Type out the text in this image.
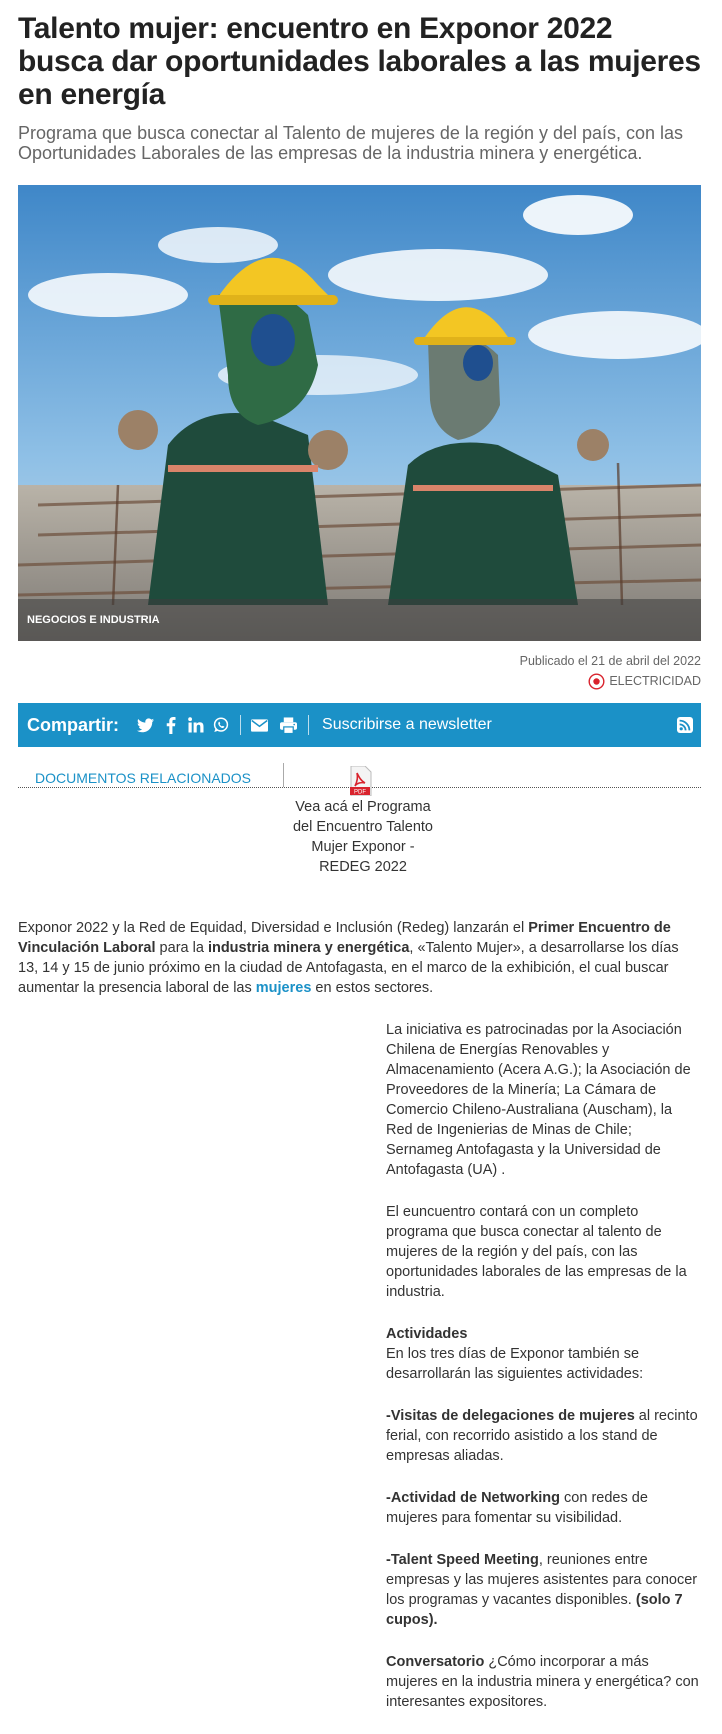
Talento mujer: encuentro en Exponor 2022 busca dar oportunidades laborales a las mujeres en energía

Programa que busca conectar al Talento de mujeres de la región y del país, con las Oportunidades Laborales de las empresas de la industria minera y energética.

NEGOCIOS E INDUSTRIA
Publicado el 21 de abril del 2022
ELECTRICIDAD
Compartir:	Suscribirse a newsletter
DOCUMENTOS RELACIONADOS
PDF
Vea acá el Programa del Encuentro Talento Mujer Exponor -REDEG 2022
Exponor 2022 y la Red de Equidad, Diversidad e Inclusión (Redeg) lanzarán el Primer Encuentro de Vinculación Laboral para la industria minera y energética, «Talento Mujer», a desarrollarse los días 13, 14 y 15 de junio próximo en la ciudad de Antofagasta, en el marco de la exhibición, el cual buscar aumentar la presencia laboral de las mujeres en estos sectores.

La iniciativa es patrocinadas por la Asociación Chilena de Energías Renovables y Almacenamiento (Acera A.G.); la Asociación de Proveedores de la Minería; La Cámara de Comercio Chileno-Australiana (Auscham), la Red de Ingenierias de Minas de Chile; Sernameg Antofagasta y la Universidad de Antofagasta (UA) .

El euncuentro contará con un completo programa que busca conectar al talento de mujeres de la región y del país, con las oportunidades laborales de las empresas de la industria.

Actividades
En los tres días de Exponor también se desarrollarán las siguientes actividades:

-Visitas de delegaciones de mujeres al recinto ferial, con recorrido asistido a los stand de empresas aliadas.

-Actividad de Networking con redes de mujeres para fomentar su visibilidad.

-Talent Speed Meeting, reuniones entre empresas y las mujeres asistentes para conocer los programas y vacantes disponibles. (solo 7 cupos).

Conversatorio ¿Cómo incorporar a más mujeres en la industria minera y energética? con interesantes expositores.
